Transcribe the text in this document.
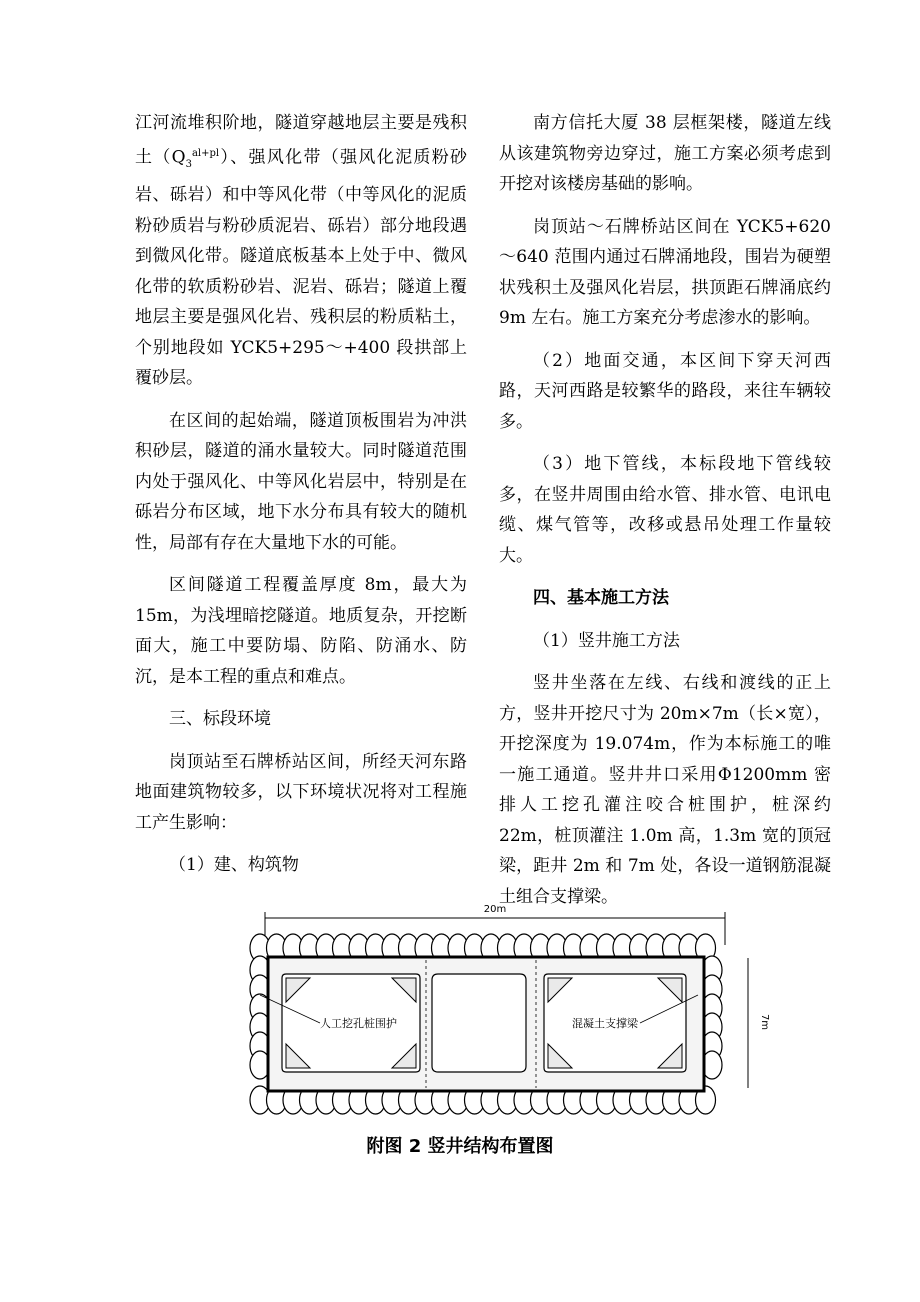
江河流堆积阶地，隧道穿越地层主要是残积土$(Q_3^{al+pl})$、强风化带（强风化泥质粉砂岩、砾岩）和中等风化带（中等风化的泥质粉砂质岩与粉砂质泥岩、砾岩）部分地段遇到微风化带。隧道底板基本上处于中、微风化带的软质粉砂岩、泥岩、砾岩；隧道上覆地层主要是强风化岩、残积层的粉质粘土，个别地段如 YCK5+295～+400 段拱部上覆砂层。

在区间的起始端，隧道顶板围岩为冲洪积砂层，隧道的涌水量较大。同时隧道范围内处于强风化、中等风化岩层中，特别是在砾岩分布区域，地下水分布具有较大的随机性，局部有存在大量地下水的可能。

区间隧道工程覆盖厚度 8m，最大为 15m，为浅埋暗挖隧道。地质复杂，开挖断面大，施工中要防塌、防陷、防涌水、防沉，是本工程的重点和难点。

三、标段环境

岗顶站至石牌桥站区间，所经天河东路地面建筑物较多，以下环境状况将对工程施工产生影响：

（1）建、构筑物

南方信托大厦 38 层框架楼，隧道左线从该建筑物旁边穿过，施工方案必须考虑到开挖对该楼房基础的影响。

岗顶站～石牌桥站区间在 YCK5+620～640 范围内通过石牌涌地段，围岩为硬塑状残积土及强风化岩层，拱顶距石牌涌底约 9m 左右。施工方案充分考虑渗水的影响。

（2）地面交通，本区间下穿天河西路，天河西路是较繁华的路段，来往车辆较多。

（3）地下管线，本标段地下管线较多，在竖井周围由给水管、排水管、电讯电缆、煤气管等，改移或悬吊处理工作量较大。

四、基本施工方法

（1）竖井施工方法

竖井坐落在左线、右线和渡线的正上方，竖井开挖尺寸为 20m×7m（长×宽），开挖深度为 19.074m，作为本标施工的唯一施工通道。竖井井口采用Φ1200mm 密排人工挖孔灌注咬合桩围护，桩深约 22m，桩顶灌注 1.0m 高，1.3m 宽的顶冠梁，距井 2m 和 7m 处，各设一道钢筋混凝土组合支撑梁。

20m
7m
人工挖孔桩围护	混凝土支撑梁
附图 2 竖井结构布置图
